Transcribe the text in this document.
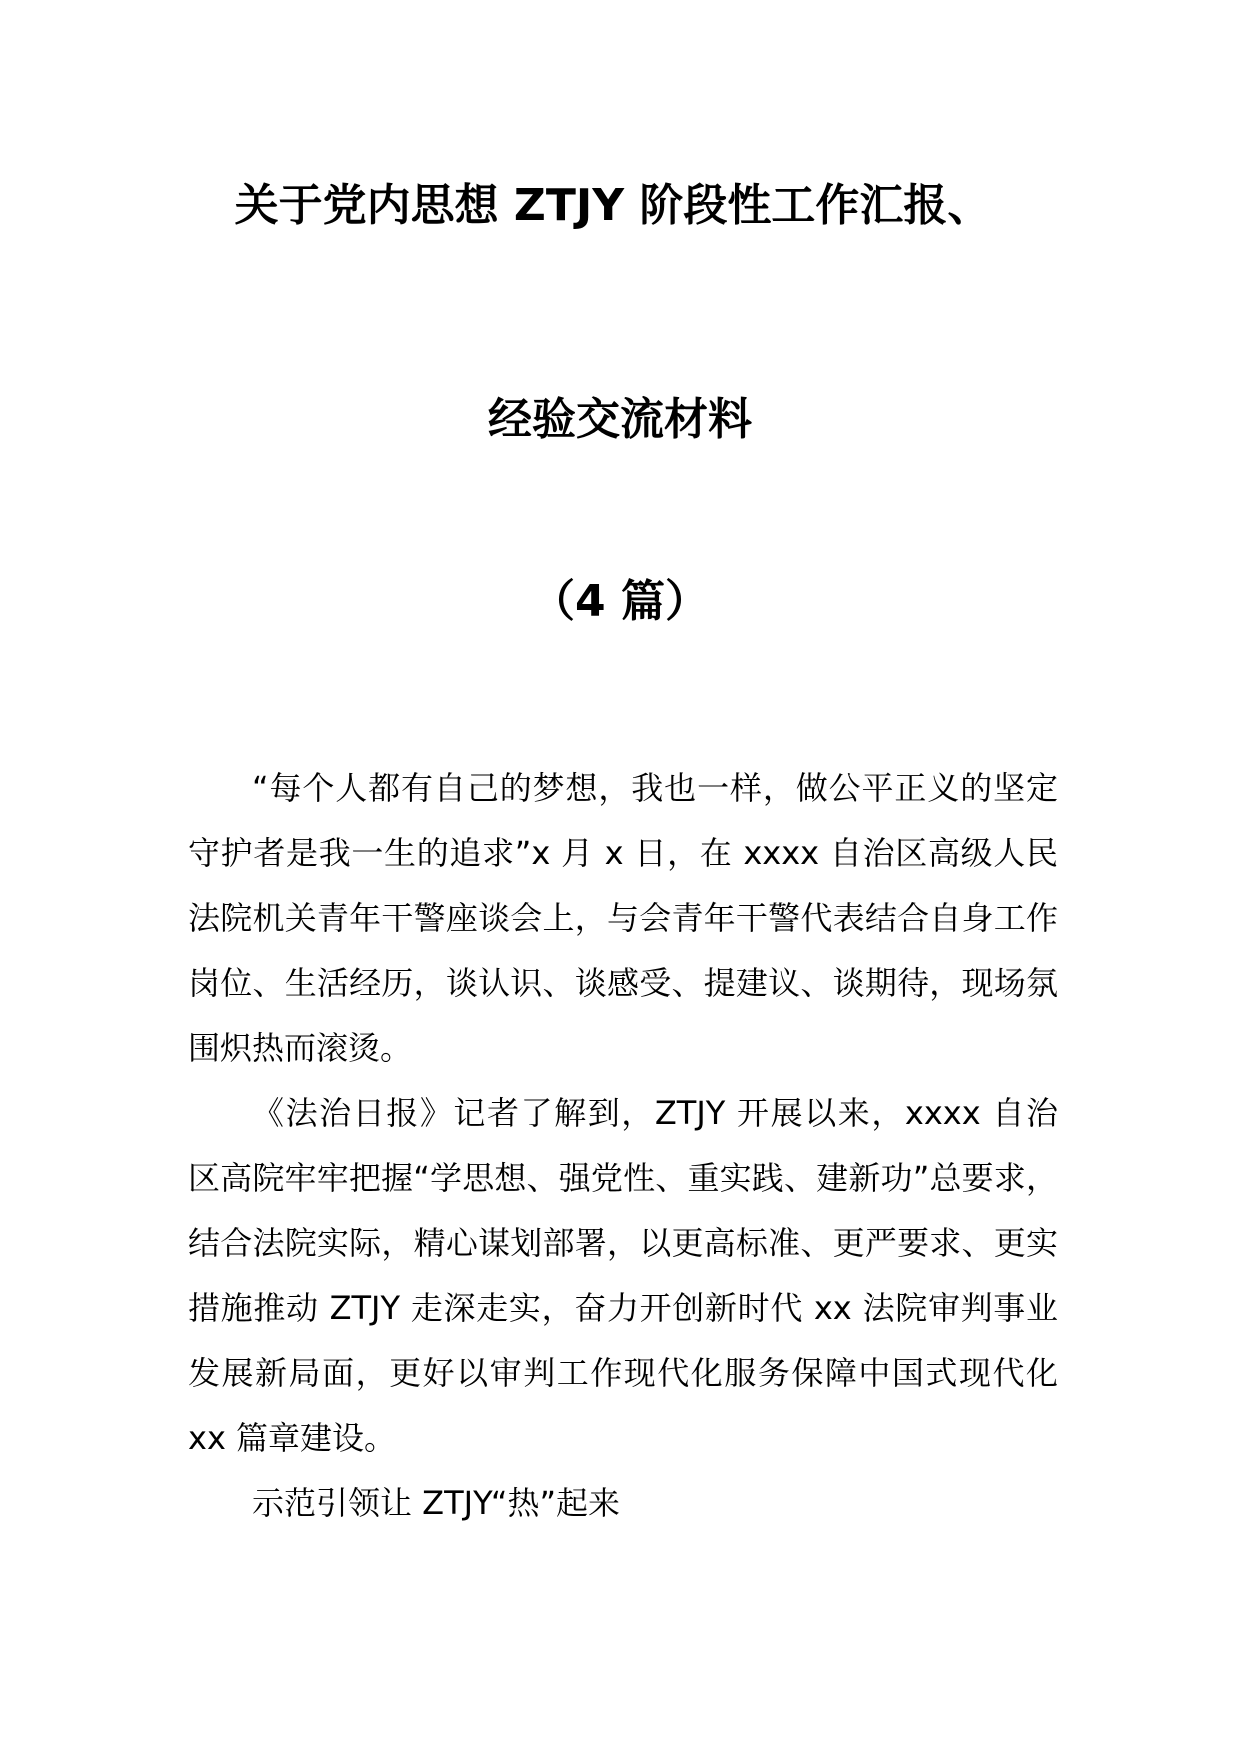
关于党内思想 ZTJY 阶段性工作汇报、
经验交流材料
（4 篇）

“每个人都有自己的梦想，我也一样，做公平正义的坚定守护者是我一生的追求”x 月 x 日，在 xxxx 自治区高级人民法院机关青年干警座谈会上，与会青年干警代表结合自身工作岗位、生活经历，谈认识、谈感受、提建议、谈期待，现场氛围炽热而滚烫。

《法治日报》记者了解到，ZTJY 开展以来，xxxx 自治区高院牢牢把握“学思想、强党性、重实践、建新功”总要求，结合法院实际，精心谋划部署，以更高标准、更严要求、更实措施推动 ZTJY 走深走实，奋力开创新时代 xx 法院审判事业发展新局面，更好以审判工作现代化服务保障中国式现代化 xx 篇章建设。

示范引领让 ZTJY“热”起来
